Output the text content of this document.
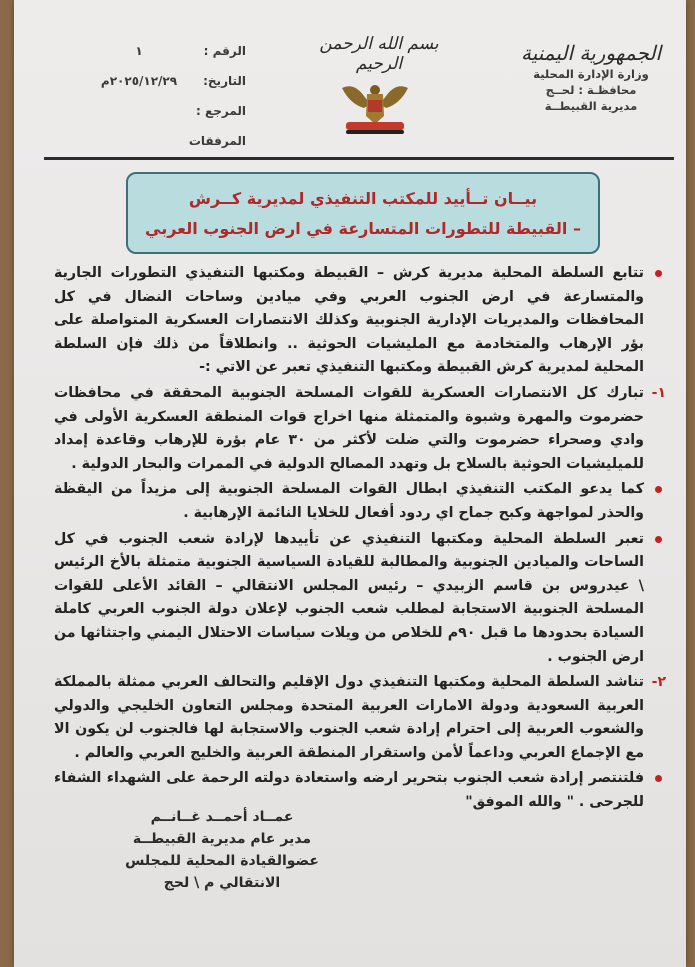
الجمهورية اليمنية
وزارة الإدارة المحلية
محافظـة : لحــج
مديرية القبيطــة
بسم الله الرحمن الرحيم
الرقم :
١
التاريخ:
٢٠٢٥/١٢/٢٩م
المرجع :
المرفقات
بيــان تــأييد للمكتب التنفيذي لمديرية كــرش
– القبيطة للتطورات المتسارعة في ارض الجنوب العربي
تتابع السلطة المحلية مديرية كرش – القبيطة ومكتبها التنفيذي التطورات الجارية والمتسارعة في ارض الجنوب العربي وفي ميادين وساحات النضال في كل المحافظات والمديريات الإدارية الجنوبية وكذلك الانتصارات العسكرية المتواصلة على بؤر الإرهاب والمتخادمة مع المليشيات الحوثية .. وانطلاقاً من ذلك فإن السلطة المحلية لمديرية كرش القبيطة ومكتبها التنفيذي تعبر عن الاتي :-
١-
تبارك كل الانتصارات العسكرية للقوات المسلحة الجنوبية المحققة في محافظات حضرموت والمهرة وشبوة والمتمثلة منها اخراج قوات المنطقة العسكرية الأولى في وادي وصحراء حضرموت والتي ضلت لأكثر من ٣٠ عام بؤرة للإرهاب وقاعدة إمداد للميليشيات الحوثية بالسلاح بل وتهدد المصالح الدولية في الممرات والبحار الدولية .
كما يدعو المكتب التنفيذي ابطال القوات المسلحة الجنوبية إلى مزيداً من اليقظة والحذر لمواجهة وكبح جماح اي ردود أفعال للخلايا النائمة الإرهابية .
تعبر السلطة المحلية ومكتبها التنفيذي عن تأييدها لإرادة شعب الجنوب في كل الساحات والميادين الجنوبية والمطالبة للقيادة السياسية الجنوبية متمثلة بالأخ الرئيس \ عيدروس بن قاسم الزبيدي – رئيس المجلس الانتقالي – القائد الأعلى للقوات المسلحة الجنوبية الاستجابة لمطلب شعب الجنوب لإعلان دولة الجنوب العربي كاملة السيادة بحدودها ما قبل ٩٠م للخلاص من ويلات سياسات الاحتلال اليمني واجتثاثها من ارض الجنوب .
٢-
تناشد السلطة المحلية ومكتبها التنفيذي دول الإقليم والتحالف العربي ممثلة بالمملكة العربية السعودية ودولة الامارات العربية المتحدة ومجلس التعاون الخليجي والدولي والشعوب العربية إلى احترام إرادة شعب الجنوب والاستجابة لها فالجنوب لن يكون الا مع الإجماع العربي وداعماً لأمن واستقرار المنطقة العربية والخليج العربي والعالم .
فلتنتصر إرادة شعب الجنوب بتحرير ارضه واستعادة دولته الرحمة على الشهداء الشفاء للجرحى . " والله الموفق"
عمــاد أحمــد غــانــم
مدير عام مديرية القبيطــة
عضوالقيادة المحلية للمجلس
الانتقالي م \ لحج
